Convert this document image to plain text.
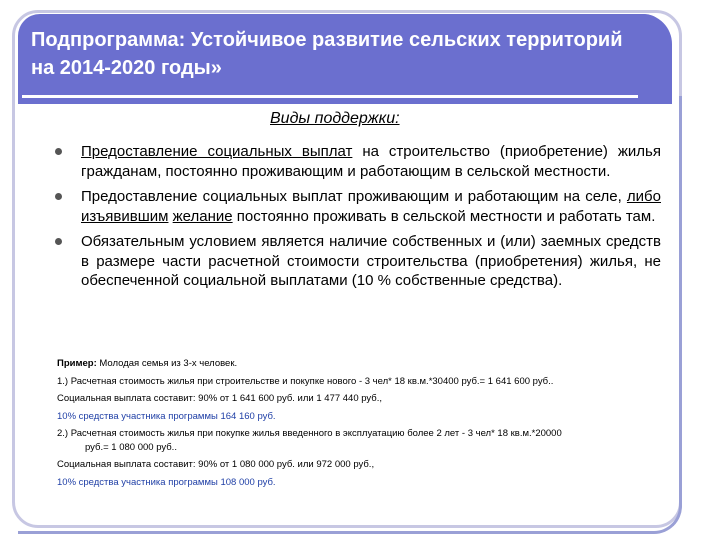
Подпрограмма: Устойчивое развитие сельских территорий на 2014-2020 годы»
Виды поддержки:
Предоставление социальных выплат на строительство (приобретение) жилья гражданам, постоянно проживающим и работающим в сельской местности.
Предоставление социальных выплат проживающим и работающим на селе, либо изъявившим желание постоянно проживать в сельской местности и работать там.
Обязательным условием является наличие собственных и (или) заемных средств в размере части расчетной стоимости строительства (приобретения) жилья, не обеспеченной социальной выплатами (10 % собственные средства).
Пример: Молодая семья из 3-х человек.
1.) Расчетная стоимость жилья при строительстве и покупке нового - 3 чел* 18 кв.м.*30400 руб.= 1 641 600 руб..
Социальная выплата составит: 90% от 1 641 600 руб. или 1 477 440 руб.,
10% средства участника программы 164 160 руб.
2.) Расчетная стоимость жилья при покупке жилья введенного в эксплуатацию более 2 лет - 3 чел* 18 кв.м.*20000
руб.= 1 080 000 руб..
Социальная выплата составит: 90% от 1 080 000 руб. или 972 000 руб.,
10% средства участника программы 108 000 руб.
